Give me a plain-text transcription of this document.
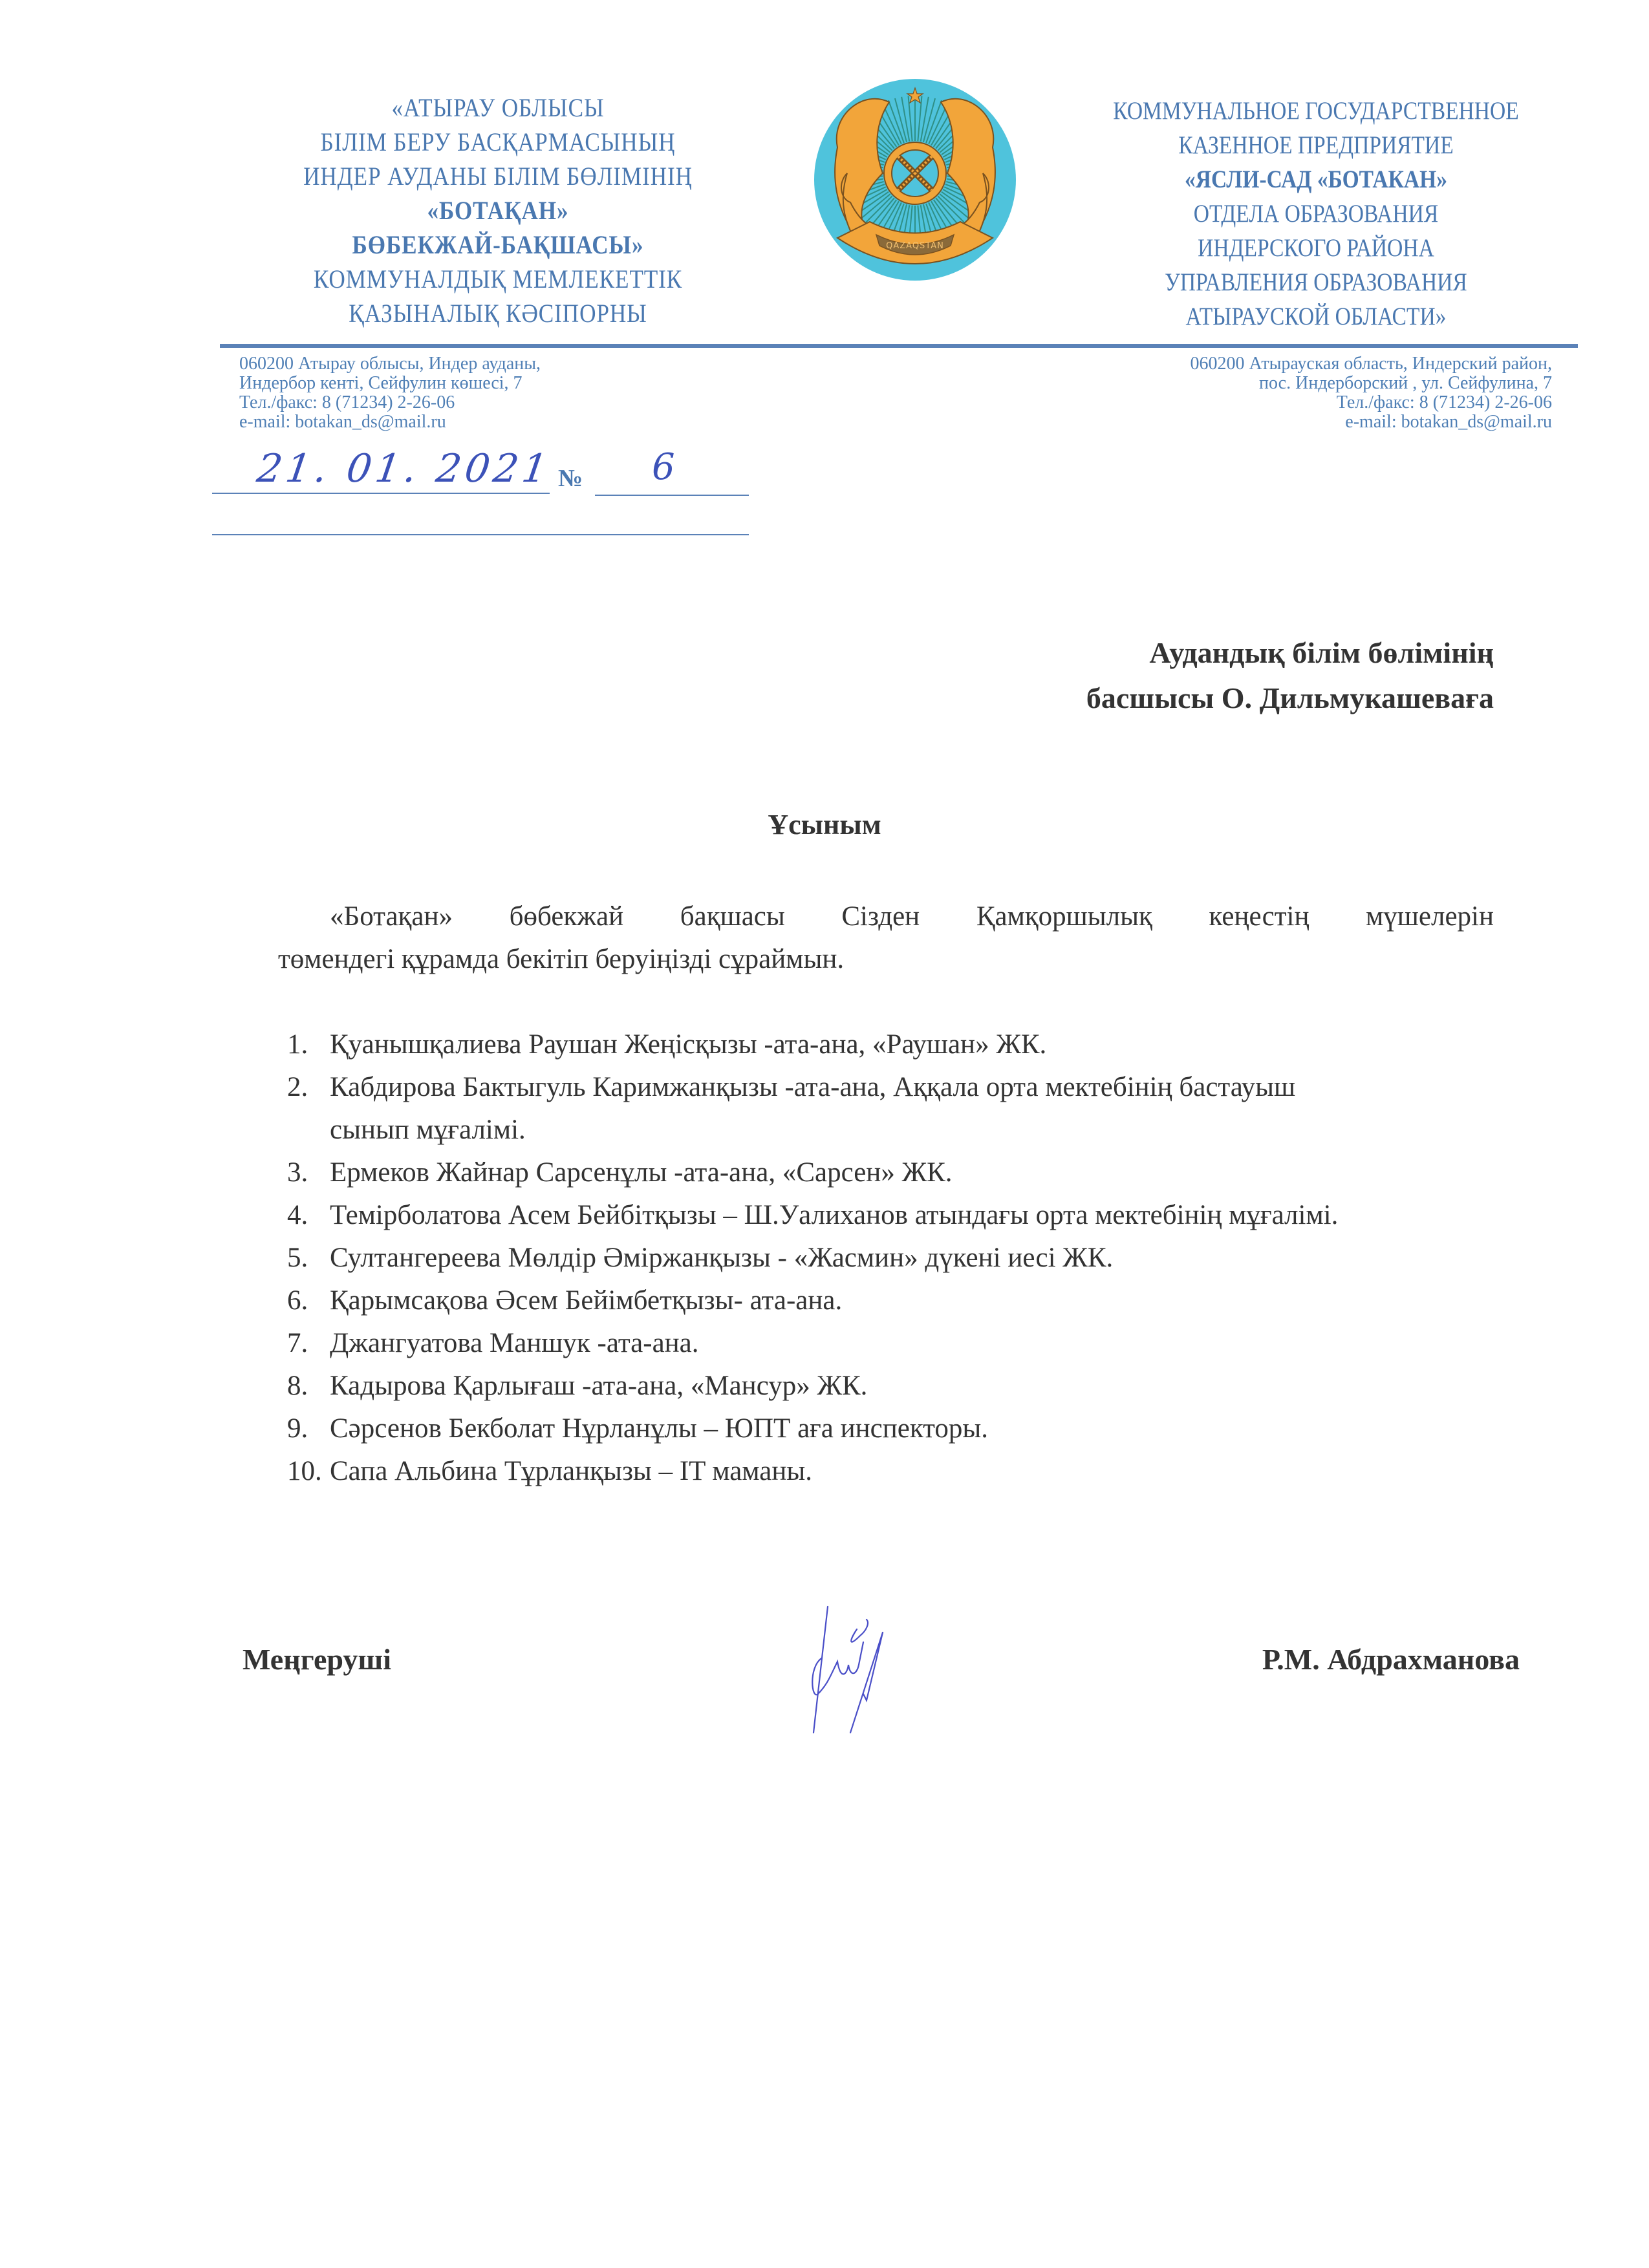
«АТЫРАУ ОБЛЫСЫ
БІЛІМ БЕРУ БАСҚАРМАСЫНЫҢ
ИНДЕР АУДАНЫ БІЛІМ БӨЛІМІНІҢ
«БОТАҚАН»
БӨБЕКЖАЙ-БАҚШАСЫ»
КОММУНАЛДЫҚ МЕМЛЕКЕТТІК
ҚАЗЫНАЛЫҚ КӘСІПОРНЫ
QAZAQSTAN
КОММУНАЛЬНОЕ ГОСУДАРСТВЕННОЕ
КАЗЕННОЕ ПРЕДПРИЯТИЕ
«ЯСЛИ-САД «БОТАКАН»
ОТДЕЛА ОБРАЗОВАНИЯ
ИНДЕРСКОГО РАЙОНА
УПРАВЛЕНИЯ ОБРАЗОВАНИЯ
АТЫРАУСКОЙ ОБЛАСТИ»
060200 Атырау облысы, Индер ауданы,
Индербор кенті, Сейфулин көшесі, 7
Тел./факс: 8 (71234) 2-26-06
e-mail: botakan_ds@mail.ru
060200 Атырауская область, Индерский район,
пос. Индерборский , ул. Сейфулина, 7
Тел./факс: 8 (71234) 2-26-06
e-mail: botakan_ds@mail.ru
21. 01. 2021 № 6
Аудандық білім бөлімінің
басшысы О. Дильмукашеваға
Ұсыным
«Ботақан» бөбекжай бақшасы Сізден Қамқоршылық кеңестің мүшелерін
төмендегі құрамда бекітіп беруіңізді сұраймын.
1. Қуанышқалиева Раушан Жеңісқызы -ата-ана, «Раушан» ЖК.
2. Кабдирова Бактыгуль Каримжанқызы -ата-ана, Аққала орта мектебінің бастауыш сынып мұғалімі.
3. Ермеков Жайнар Сарсенұлы -ата-ана, «Сарсен» ЖК.
4. Темірболатова Асем Бейбітқызы – Ш.Уалиханов атындағы орта мектебінің мұғалімі.
5. Султангереева Мөлдір Әміржанқызы - «Жасмин» дүкені иесі ЖК.
6. Қарымсақова Әсем Бейімбетқызы- ата-ана.
7. Джангуатова Маншук -ата-ана.
8. Кадырова Қарлығаш -ата-ана, «Мансур» ЖК.
9. Сәрсенов Бекболат Нұрланұлы – ЮПТ аға инспекторы.
10. Сапа Альбина Тұрланқызы – IT маманы.
Меңгеруші	Р.М. Абдрахманова
